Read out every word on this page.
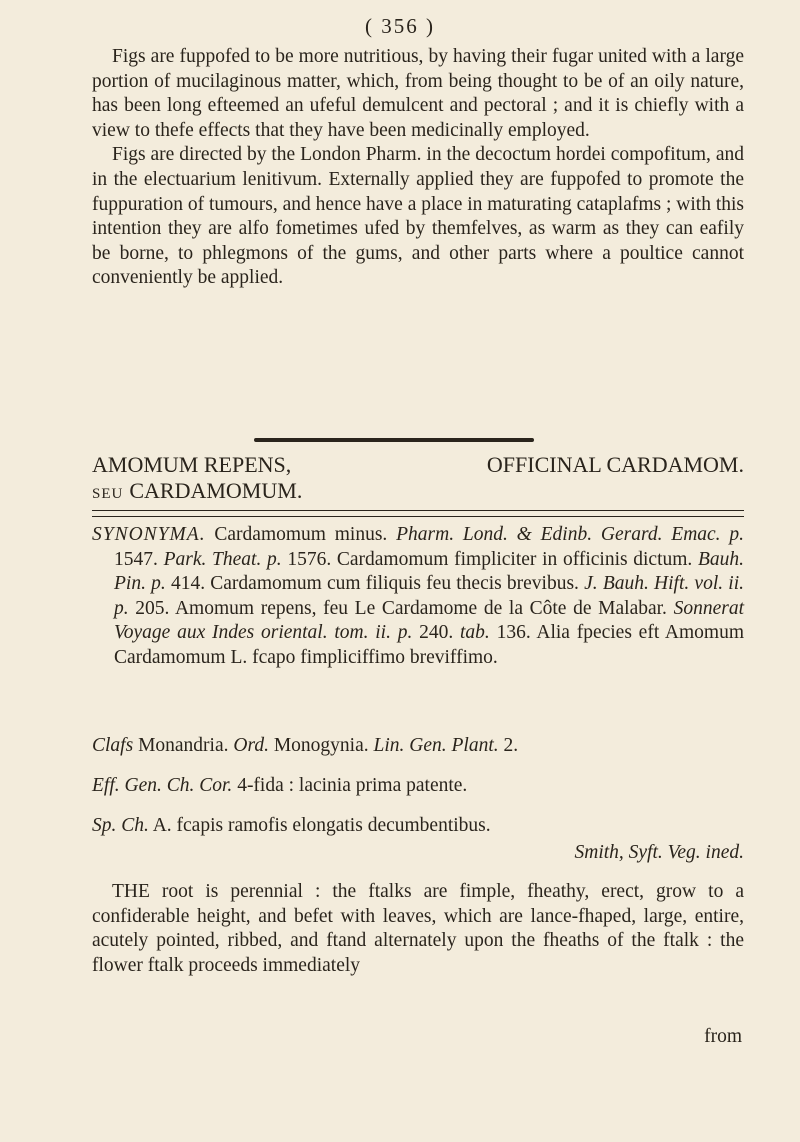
( 356 )

Figs are fuppofed to be more nutritious, by having their fugar united with a large portion of mucilaginous matter, which, from being thought to be of an oily nature, has been long efteemed an ufeful demulcent and pectoral ; and it is chiefly with a view to thefe effects that they have been medicinally employed.

Figs are directed by the London Pharm. in the decoctum hordei compofitum, and in the electuarium lenitivum. Externally applied they are fuppofed to promote the fuppuration of tumours, and hence have a place in maturating cataplafms ; with this intention they are alfo fometimes ufed by themfelves, as warm as they can eafily be borne, to phlegmons of the gums, and other parts where a poultice cannot conveniently be applied.

AMOMUM REPENS,	OFFICINAL CARDAMOM.
SEU CARDAMOMUM.

SYNONYMA. Cardamomum minus. Pharm. Lond. & Edinb. Gerard. Emac. p. 1547. Park. Theat. p. 1576. Cardamomum fimpliciter in officinis dictum. Bauh. Pin. p. 414. Cardamomum cum filiquis feu thecis brevibus. J. Bauh. Hift. vol. ii. p. 205. Amomum repens, feu Le Cardamome de la Côte de Malabar. Sonnerat Voyage aux Indes oriental. tom. ii. p. 240. tab. 136. Alia fpecies eft Amomum Cardamomum L. fcapo fimpliciffimo breviffimo.

Clafs Monandria. Ord. Monogynia. Lin. Gen. Plant. 2.
Eff. Gen. Ch. Cor. 4-fida : lacinia prima patente.
Sp. Ch. A. fcapis ramofis elongatis decumbentibus.
Smith, Syft. Veg. ined.

THE root is perennial : the ftalks are fimple, fheathy, erect, grow to a confiderable height, and befet with leaves, which are lance-fhaped, large, entire, acutely pointed, ribbed, and ftand alternately upon the fheaths of the ftalk : the flower ftalk proceeds immediately

from
